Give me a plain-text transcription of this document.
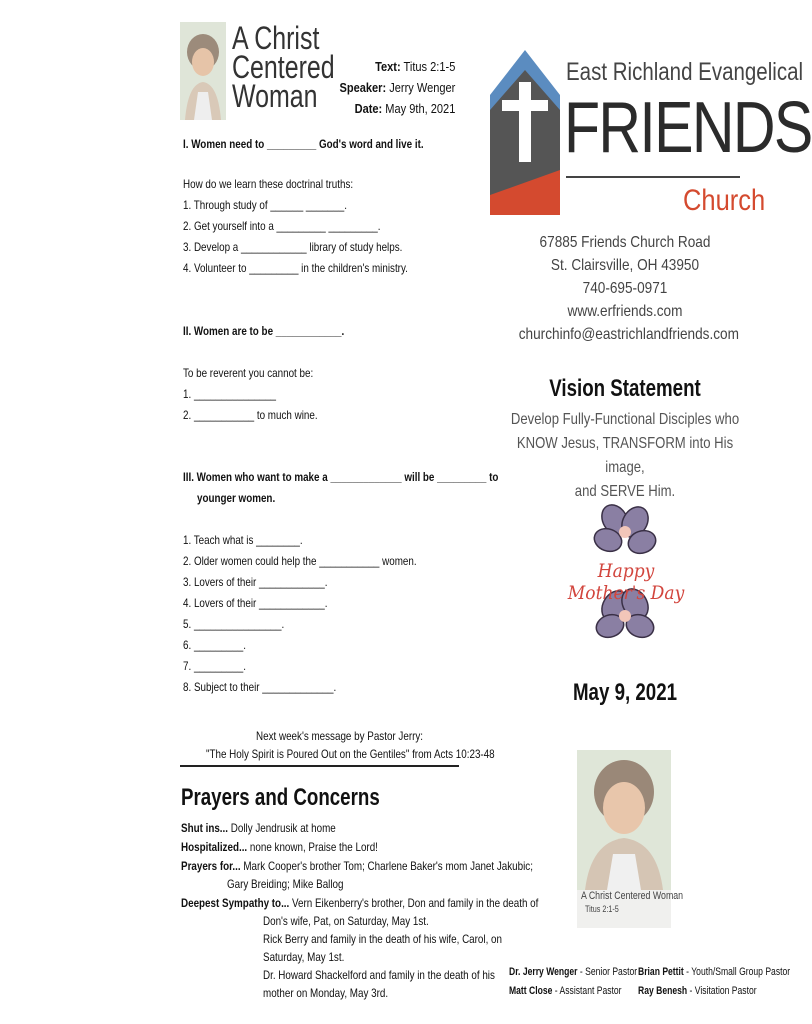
A Christ
Centered
Woman
Text: Titus 2:1-5
Speaker: Jerry Wenger
Date: May 9th, 2021
I. Women need to _________ God's word and live it.
How do we learn these doctrinal truths:
1. Through study of ______ _______.
2. Get yourself into a _________ _________.
3. Develop a ____________ library of study helps.
4. Volunteer to _________ in the children's ministry.
II. Women are to be ____________.
To be reverent you cannot be:
1. _______________
2. ___________ to much wine.
III. Women who want to make a _____________ will be _________ to
younger women.
1. Teach what is ________.
2. Older women could help the ___________ women.
3. Lovers of their ____________.
4. Lovers of their ____________.
5. ________________.
6. _________.
7. _________.
8. Subject to their _____________.
Next week's message by Pastor Jerry:
"The Holy Spirit is Poured Out on the Gentiles" from Acts 10:23-48
Prayers and Concerns
Shut ins... Dolly Jendrusik at home
Hospitalized... none known, Praise the Lord!
Prayers for... Mark Cooper's brother Tom; Charlene Baker's mom Janet Jakubic;
Gary Breiding; Mike Ballog
Deepest Sympathy to... Vern Eikenberry's brother, Don and family in the death of
Don's wife, Pat, on Saturday, May 1st.
Rick Berry and family in the death of his wife, Carol, on
Saturday, May 1st.
Dr. Howard Shackelford and family in the death of his
mother on Monday, May 3rd.
East Richland Evangelical
FRIENDS
Church
67885 Friends Church Road
St. Clairsville, OH 43950
740-695-0971
www.erfriends.com
churchinfo@eastrichlandfriends.com
Vision Statement
Develop Fully-Functional Disciples who
KNOW Jesus, TRANSFORM into His image,
and SERVE Him.
Happy Mother's Day
May 9, 2021
A Christ Centered Woman
Titus 2:1-5
Dr. Jerry Wenger - Senior Pastor
Matt Close - Assistant Pastor
Brian Pettit - Youth/Small Group Pastor
Ray Benesh - Visitation Pastor
